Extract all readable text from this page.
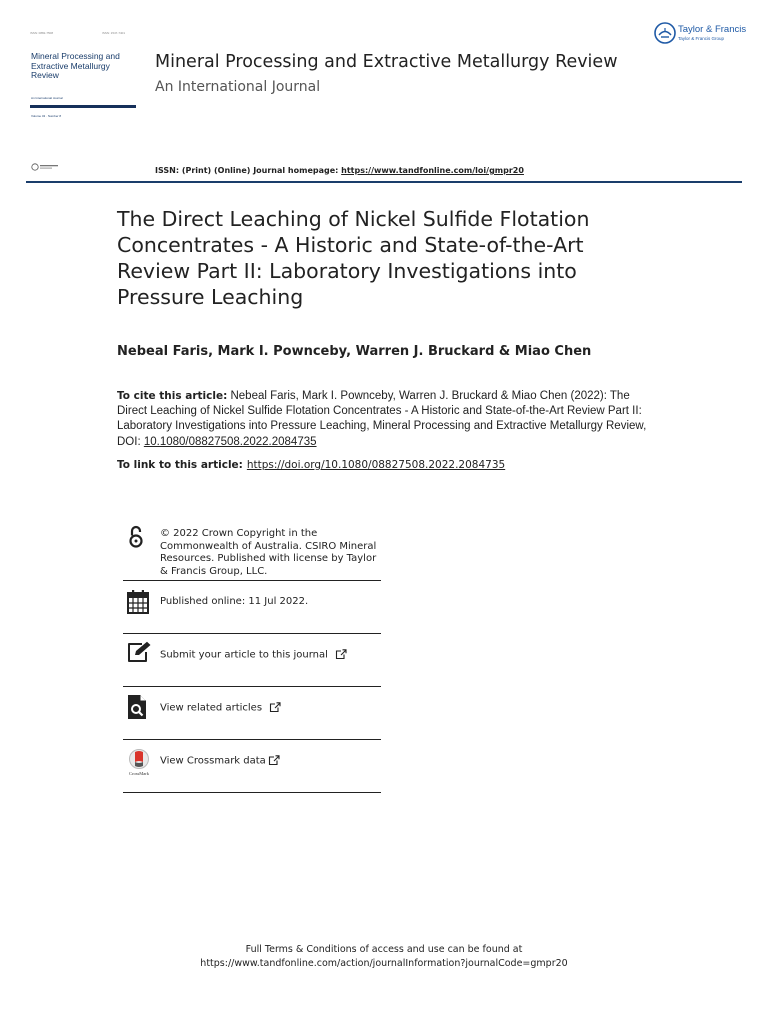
ISSN: 0882-7508	ISSN: 1547-7401
Mineral Processing and Extractive Metallurgy Review
An International Journal
Volume 43 · Number 8
Mineral Processing and Extractive Metallurgy Review
An International Journal
Taylor & Francis
Taylor & Francis Group
ISSN: (Print) (Online) Journal homepage: https://www.tandfonline.com/loi/gmpr20
The Direct Leaching of Nickel Sulfide Flotation Concentrates - A Historic and State-of-the-Art Review Part II: Laboratory Investigations into Pressure Leaching
Nebeal Faris, Mark I. Pownceby, Warren J. Bruckard & Miao Chen
To cite this article: Nebeal Faris, Mark I. Pownceby, Warren J. Bruckard & Miao Chen (2022): The Direct Leaching of Nickel Sulfide Flotation Concentrates - A Historic and State-of-the-Art Review Part II: Laboratory Investigations into Pressure Leaching, Mineral Processing and Extractive Metallurgy Review, DOI: 10.1080/08827508.2022.2084735
To link to this article: https://doi.org/10.1080/08827508.2022.2084735
© 2022 Crown Copyright in the Commonwealth of Australia. CSIRO Mineral Resources. Published with license by Taylor & Francis Group, LLC.
Published online: 11 Jul 2022.
Submit your article to this journal
View related articles
CrossMark
View Crossmark data
Full Terms & Conditions of access and use can be found at
https://www.tandfonline.com/action/journalInformation?journalCode=gmpr20
